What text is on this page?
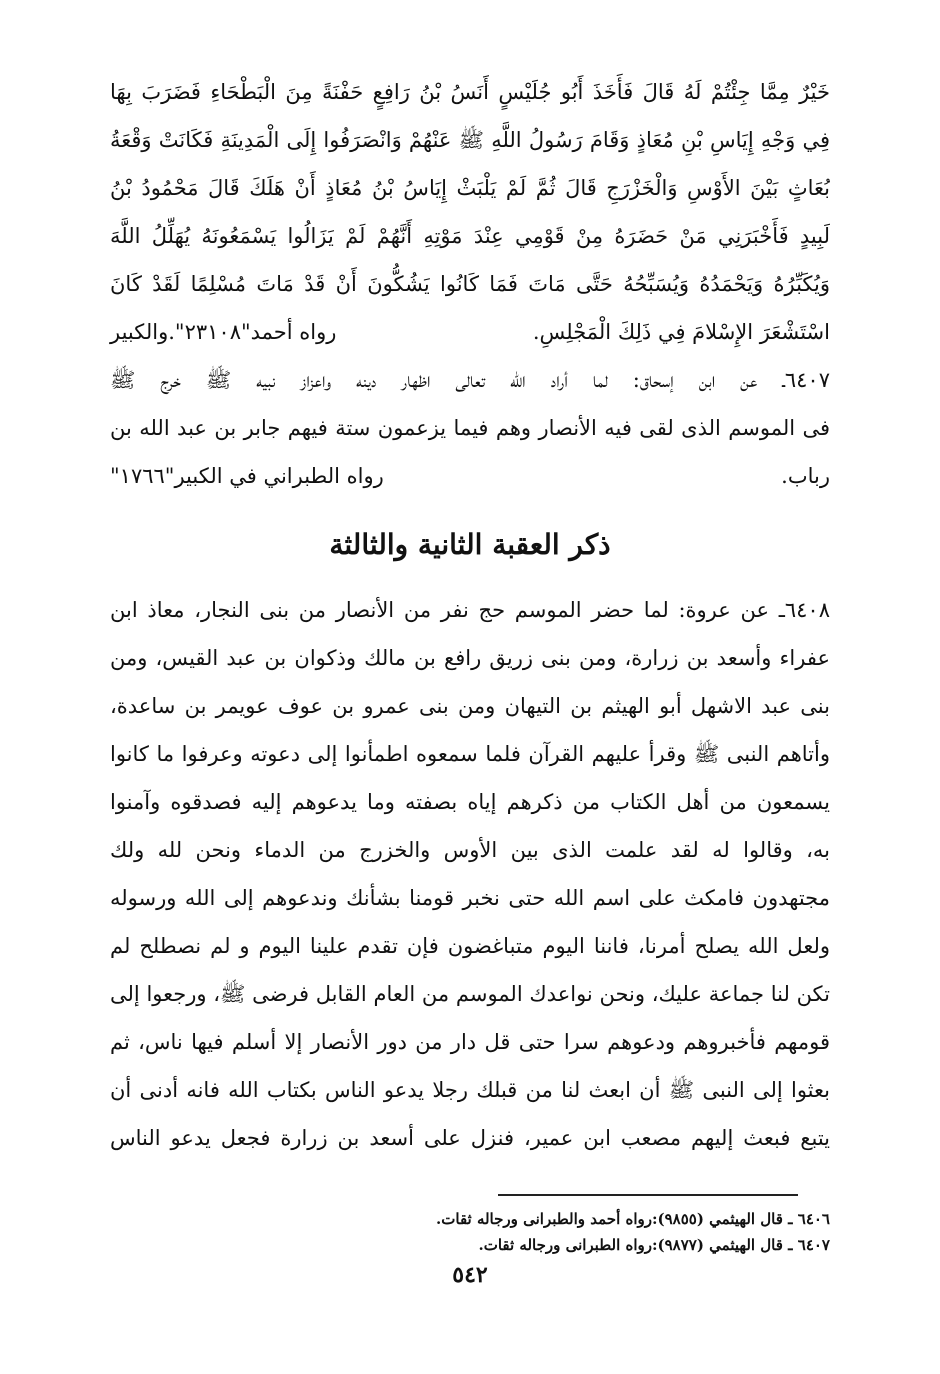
خَيْرٌ مِمَّا جِئْتُمْ لَهُ قَالَ فَأَخَذَ أَبُو جُلَيْسٍ أَنَسُ بْنُ رَافِعٍ حَفْنَةً مِنَ الْبَطْحَاءِ فَضَرَبَ بِهَا
فِي وَجْهِ إِيَاسِ بْنِ مُعَاذٍ وَقَامَ رَسُولُ اللَّهِ ﷺ عَنْهُمْ وَانْصَرَفُوا إِلَى الْمَدِينَةِ فَكَانَتْ وَقْعَةُ
بُعَاثٍ بَيْنَ الأَوْسِ وَالْخَزْرَجِ قَالَ ثُمَّ لَمْ يَلْبَثْ إِيَاسُ بْنُ مُعَاذٍ أَنْ هَلَكَ قَالَ مَحْمُودُ بْنُ
لَبِيدٍ فَأَخْبَرَنِي مَنْ حَضَرَهُ مِنْ قَوْمِي عِنْدَ مَوْتِهِ أَنَّهُمْ لَمْ يَزَالُوا يَسْمَعُونَهُ يُهَلِّلُ اللَّهَ
وَيُكَبِّرُهُ وَيَحْمَدُهُ وَيُسَبِّحُهُ حَتَّى مَاتَ فَمَا كَانُوا يَشُكُّونَ أَنْ قَدْ مَاتَ مُسْلِمًا لَقَدْ كَانَ
اسْتَشْعَرَ الإِسْلامَ فِي ذَلِكَ الْمَجْلِسِ.
رواه أحمد"٢٣١٠٨".والكبير
٦٤٠٧ـ عن ابن إسحاق: لما أراد الله تعالى اظهار دينه واعزاز نبيه ﷺ خرج ﷺ
فى الموسم الذى لقى فيه الأنصار وهم فيما يزعمون ستة فيهم جابر بن عبد الله بن
رباب.
رواه الطبراني في الكبير"١٧٦٦"
ذكر العقبة الثانية والثالثة
٦٤٠٨ـ عن عروة: لما حضر الموسم حج نفر من الأنصار من بنى النجار، معاذ ابن
عفراء وأسعد بن زرارة، ومن بنى زريق رافع بن مالك وذكوان بن عبد القيس، ومن
بنى عبد الاشهل أبو الهيثم بن التيهان ومن بنى عمرو بن عوف عويمر بن ساعدة،
وأتاهم النبى ﷺ وقرأ عليهم القرآن فلما سمعوه اطمأنوا إلى دعوته وعرفوا ما كانوا
يسمعون من أهل الكتاب من ذكرهم إياه بصفته وما يدعوهم إليه فصدقوه وآمنوا
به، وقالوا له لقد علمت الذى بين الأوس والخزرج من الدماء ونحن لله ولك
مجتهدون فامكث على اسم الله حتى نخبر قومنا بشأنك وندعوهم إلى الله ورسوله
ولعل الله يصلح أمرنا، فاننا اليوم متباغضون فإن تقدم علينا اليوم و لم نصطلح لم
تكن لنا جماعة عليك، ونحن نواعدك الموسم من العام القابل فرضى ﷺ، ورجعوا إلى
قومهم فأخبروهم ودعوهم سرا حتى قل دار من دور الأنصار إلا أسلم فيها ناس، ثم
بعثوا إلى النبى ﷺ أن ابعث لنا من قبلك رجلا يدعو الناس بكتاب الله فانه أدنى أن
يتبع فبعث إليهم مصعب ابن عمير، فنزل على أسعد بن زرارة فجعل يدعو الناس
٦٤٠٦ ـ قال الهيثمي (٩٨٥٥):رواه أحمد والطبرانى ورجاله ثقات.
٦٤٠٧ ـ قال الهيثمي (٩٨٧٧):رواه الطبرانى ورجاله ثقات.
٥٤٢
